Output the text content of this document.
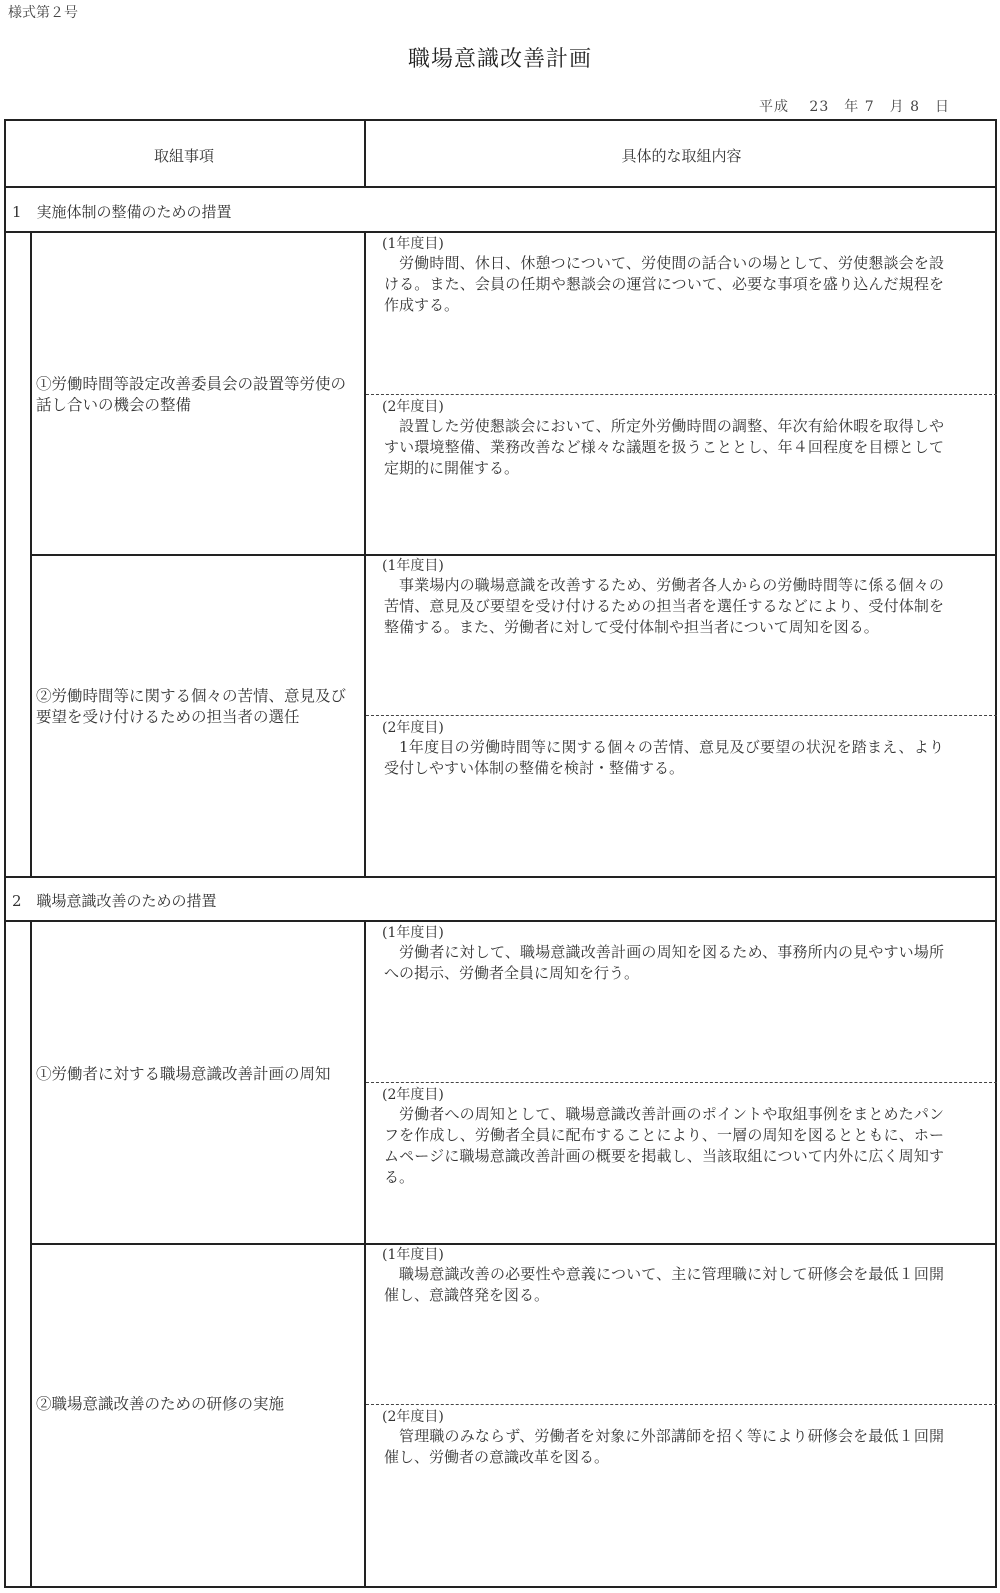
様式第２号
職場意識改善計画
平成　 23　 年 7　 月 8　 日
取組事項	具体的な取組内容
1　実施体制の整備のための措置
①労働時間等設定改善委員会の設置等労使の話し合いの機会の整備
(1年度目)
労働時間、休日、休憩つについて、労使間の話合いの場として、労使懇談会を設ける。また、会員の任期や懇談会の運営について、必要な事項を盛り込んだ規程を作成する。
(2年度目)
設置した労使懇談会において、所定外労働時間の調整、年次有給休暇を取得しやすい環境整備、業務改善など様々な議題を扱うこととし、年４回程度を目標として定期的に開催する。
②労働時間等に関する個々の苦情、意見及び要望を受け付けるための担当者の選任
(1年度目)
事業場内の職場意識を改善するため、労働者各人からの労働時間等に係る個々の苦情、意見及び要望を受け付けるための担当者を選任するなどにより、受付体制を整備する。また、労働者に対して受付体制や担当者について周知を図る。
(2年度目)
1年度目の労働時間等に関する個々の苦情、意見及び要望の状況を踏まえ、より受付しやすい体制の整備を検討・整備する。
2　職場意識改善のための措置
①労働者に対する職場意識改善計画の周知
(1年度目)
労働者に対して、職場意識改善計画の周知を図るため、事務所内の見やすい場所への掲示、労働者全員に周知を行う。
(2年度目)
労働者への周知として、職場意識改善計画のポイントや取組事例をまとめたパンフを作成し、労働者全員に配布することにより、一層の周知を図るとともに、ホームページに職場意識改善計画の概要を掲載し、当該取組について内外に広く周知する。
②職場意識改善のための研修の実施
(1年度目)
職場意識改善の必要性や意義について、主に管理職に対して研修会を最低１回開催し、意識啓発を図る。
(2年度目)
管理職のみならず、労働者を対象に外部講師を招く等により研修会を最低１回開催し、労働者の意識改革を図る。
